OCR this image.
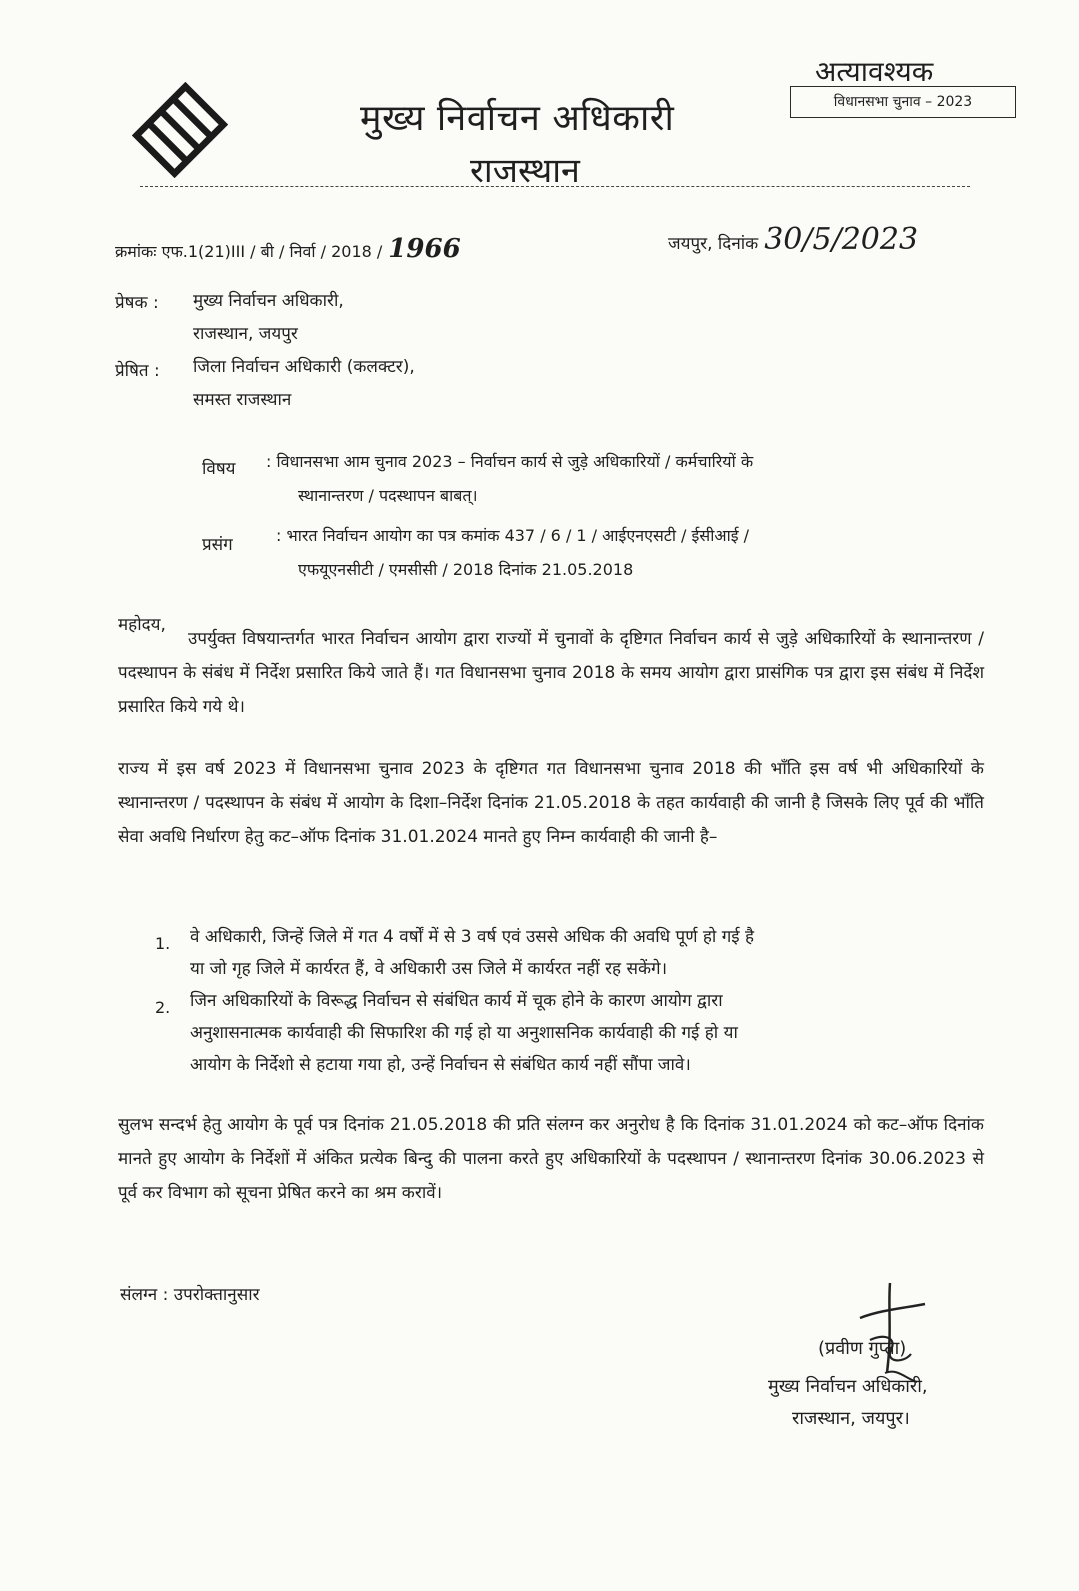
मुख्य निर्वाचन अधिकारी
राजस्थान
अत्यावश्यक
विधानसभा चुनाव – 2023
क्रमांकः एफ.1(21)III / बी / निर्वा / 2018 / 1966	जयपुर, दिनांक 30/5/2023
प्रेषक : मुख्य निर्वाचन अधिकारी,
राजस्थान, जयपुर
प्रेषित : जिला निर्वाचन अधिकारी (कलक्टर),
समस्त राजस्थान
विषय : विधानसभा आम चुनाव 2023 – निर्वाचन कार्य से जुड़े अधिकारियों / कर्मचारियों के
स्थानान्तरण / पदस्थापन बाबत्।
प्रसंग	: भारत निर्वाचन आयोग का पत्र कमांक 437 / 6 / 1 / आईएनएसटी / ईसीआई /
एफयूएनसीटी / एमसीसी / 2018 दिनांक 21.05.2018
महोदय,
उपर्युक्त विषयान्तर्गत भारत निर्वाचन आयोग द्वारा राज्यों में चुनावों के दृष्टिगत निर्वाचन कार्य से जुड़े अधिकारियों के स्थानान्तरण / पदस्थापन के संबंध में निर्देश प्रसारित किये जाते हैं। गत विधानसभा चुनाव 2018 के समय आयोग द्वारा प्रासंगिक पत्र द्वारा इस संबंध में निर्देश प्रसारित किये गये थे।
राज्य में इस वर्ष 2023 में विधानसभा चुनाव 2023 के दृष्टिगत गत विधानसभा चुनाव 2018 की भाँति इस वर्ष भी अधिकारियों के स्थानान्तरण / पदस्थापन के संबंध में आयोग के दिशा–निर्देश दिनांक 21.05.2018 के तहत कार्यवाही की जानी है जिसके लिए पूर्व की भाँति सेवा अवधि निर्धारण हेतु कट–ऑफ दिनांक 31.01.2024 मानते हुए निम्न कार्यवाही की जानी है–
1. वे अधिकारी, जिन्हें जिले में गत 4 वर्षों में से 3 वर्ष एवं उससे अधिक की अवधि पूर्ण हो गई है
या जो गृह जिले में कार्यरत हैं, वे अधिकारी उस जिले में कार्यरत नहीं रह सकेंगे।
2. जिन अधिकारियों के विरूद्ध निर्वाचन से संबंधित कार्य में चूक होने के कारण आयोग द्वारा
अनुशासनात्मक कार्यवाही की सिफारिश की गई हो या अनुशासनिक कार्यवाही की गई हो या
आयोग के निर्देशो से हटाया गया हो, उन्हें निर्वाचन से संबंधित कार्य नहीं सौंपा जावे।
सुलभ सन्दर्भ हेतु आयोग के पूर्व पत्र दिनांक 21.05.2018 की प्रति संलग्न कर अनुरोध है कि दिनांक 31.01.2024 को कट–ऑफ दिनांक मानते हुए आयोग के निर्देशों में अंकित प्रत्येक बिन्दु की पालना करते हुए अधिकारियों के पदस्थापन / स्थानान्तरण दिनांक 30.06.2023 से पूर्व कर विभाग को सूचना प्रेषित करने का श्रम करावें।
संलग्न : उपरोक्तानुसार
(प्रवीण गुप्ता)
मुख्य निर्वाचन अधिकारी,
राजस्थान, जयपुर।
